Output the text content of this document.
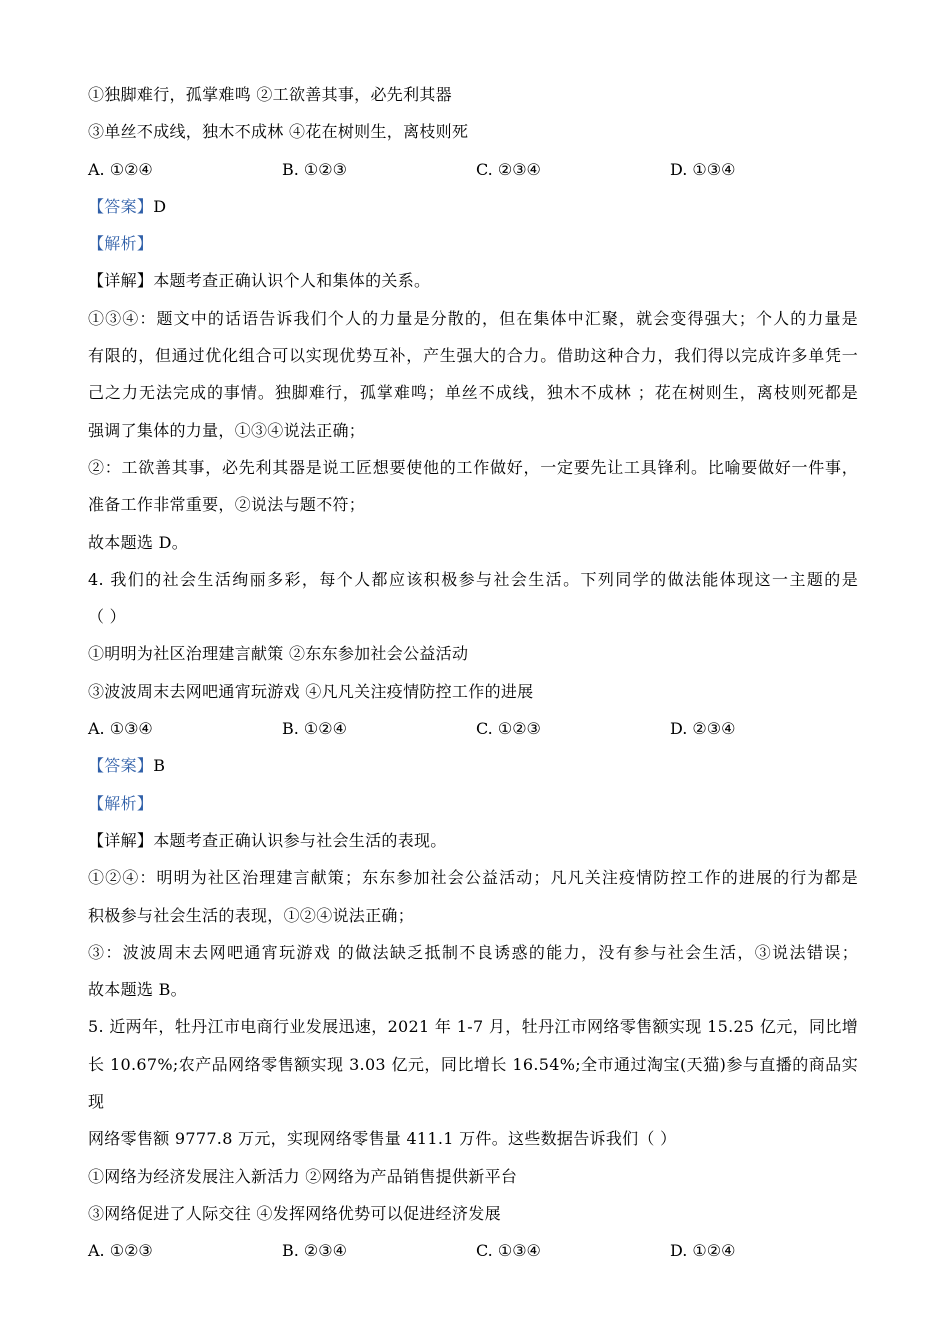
①独脚难行，孤掌难鸣 ②工欲善其事，必先利其器
③单丝不成线，独木不成林 ④花在树则生，离枝则死
A. ①②④	B. ①②③	C. ②③④	D. ①③④
【答案】D
【解析】
【详解】本题考查正确认识个人和集体的关系。
①③④：题文中的话语告诉我们个人的力量是分散的，但在集体中汇聚，就会变得强大；个人的力量是
有限的，但通过优化组合可以实现优势互补，产生强大的合力。借助这种合力，我们得以完成许多单凭一
己之力无法完成的事情。独脚难行，孤掌难鸣；单丝不成线，独木不成林 ；花在树则生，离枝则死都是
强调了集体的力量，①③④说法正确；
②：工欲善其事，必先利其器是说工匠想要使他的工作做好，一定要先让工具锋利。比喻要做好一件事，
准备工作非常重要，②说法与题不符；
故本题选 D。
4. 我们的社会生活绚丽多彩，每个人都应该积极参与社会生活。下列同学的做法能体现这一主题的是
（ ）
①明明为社区治理建言献策 ②东东参加社会公益活动
③波波周末去网吧通宵玩游戏 ④凡凡关注疫情防控工作的进展
A. ①③④	B. ①②④	C. ①②③	D. ②③④
【答案】B
【解析】
【详解】本题考查正确认识参与社会生活的表现。
①②④：明明为社区治理建言献策；东东参加社会公益活动；凡凡关注疫情防控工作的进展的行为都是
积极参与社会生活的表现，①②④说法正确；
③：波波周末去网吧通宵玩游戏 的做法缺乏抵制不良诱惑的能力，没有参与社会生活，③说法错误；
故本题选 B。
5. 近两年，牡丹江市电商行业发展迅速，2021 年 1-7 月，牡丹江市网络零售额实现 15.25 亿元，同比增
长 10.67%;农产品网络零售额实现 3.03 亿元，同比增长 16.54%;全市通过淘宝(天猫)参与直播的商品实现
网络零售额 9777.8 万元，实现网络零售量 411.1 万件。这些数据告诉我们（ ）
①网络为经济发展注入新活力 ②网络为产品销售提供新平台
③网络促进了人际交往 ④发挥网络优势可以促进经济发展
A. ①②③	B. ②③④	C. ①③④	D. ①②④
